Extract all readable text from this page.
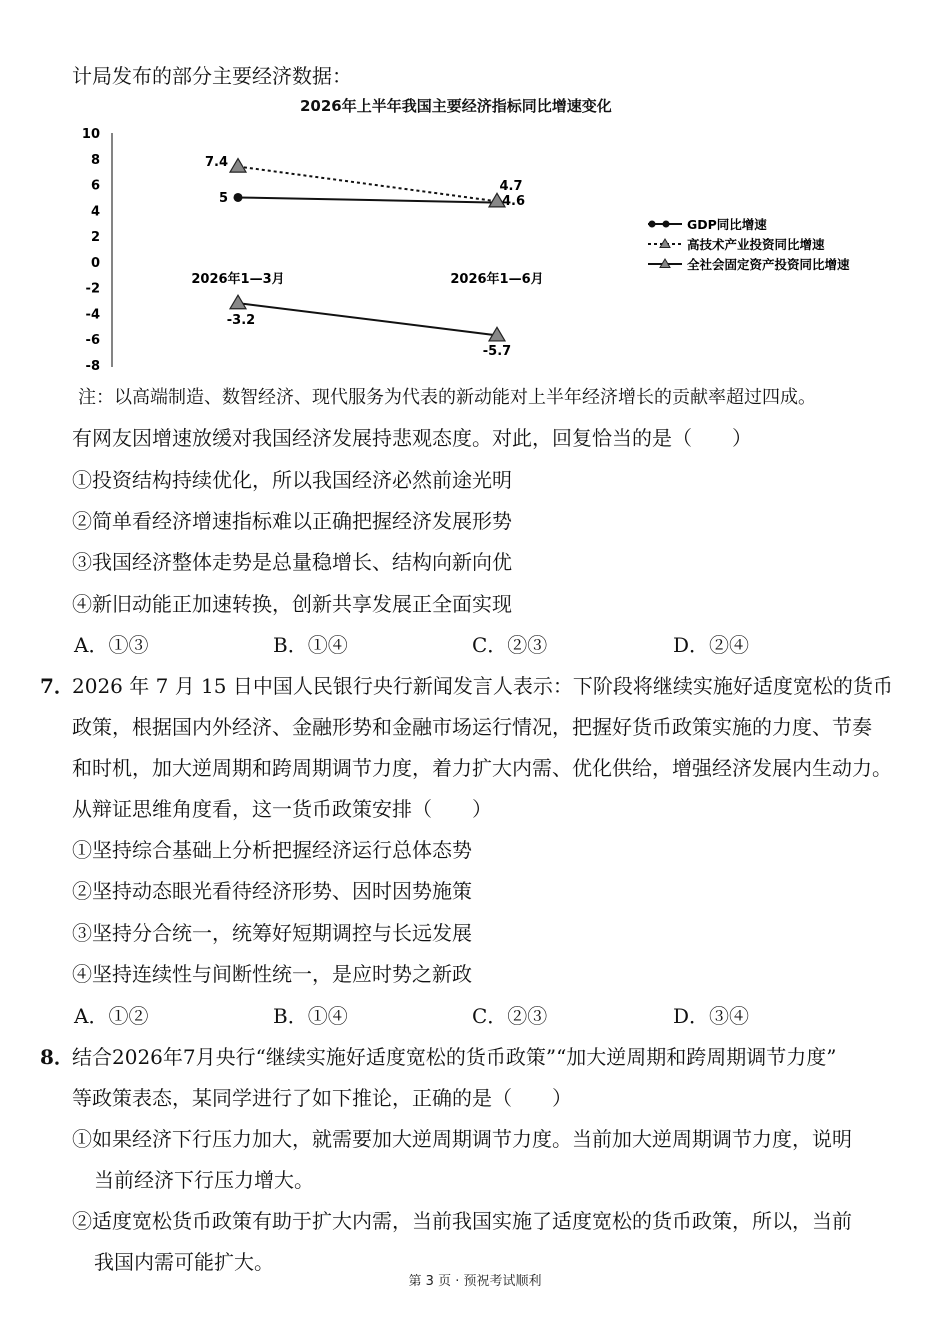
计局发布的部分主要经济数据：
2026年上半年我国主要经济指标同比增速变化
10
8
6
4
2
0
-2
-4
-6
-8
2026年1—3月	2026年1—6月
5	4.6
7.4
4.7
-3.2
-5.7
GDP同比增速
高技术产业投资同比增速
全社会固定资产投资同比增速
注：以高端制造、数智经济、现代服务为代表的新动能对上半年经济增长的贡献率超过四成。
有网友因增速放缓对我国经济发展持悲观态度。对此，回复恰当的是（　　）
①投资结构持续优化，所以我国经济必然前途光明
②简单看经济增速指标难以正确把握经济发展形势
③我国经济整体走势是总量稳增长、结构向新向优
④新旧动能正加速转换，创新共享发展正全面实现
A．①③	B．①④	C．②③	D．②④
7．
2026 年 7 月 15 日中国人民银行央行新闻发言人表示：下阶段将继续实施好适度宽松的货币
政策，根据国内外经济、金融形势和金融市场运行情况，把握好货币政策实施的力度、节奏
和时机，加大逆周期和跨周期调节力度，着力扩大内需、优化供给，增强经济发展内生动力。
从辩证思维角度看，这一货币政策安排（　　）
①坚持综合基础上分析把握经济运行总体态势
②坚持动态眼光看待经济形势、因时因势施策
③坚持分合统一，统筹好短期调控与长远发展
④坚持连续性与间断性统一，是应时势之新政
A．①②	B．①④	C．②③	D．③④
8．
结合2026年7月央行“继续实施好适度宽松的货币政策”“加大逆周期和跨周期调节力度”
等政策表态，某同学进行了如下推论，正确的是（　　）
①如果经济下行压力加大，就需要加大逆周期调节力度。当前加大逆周期调节力度，说明
当前经济下行压力增大。
②适度宽松货币政策有助于扩大内需，当前我国实施了适度宽松的货币政策，所以，当前
我国内需可能扩大。
第 3 页 · 预祝考试顺利
